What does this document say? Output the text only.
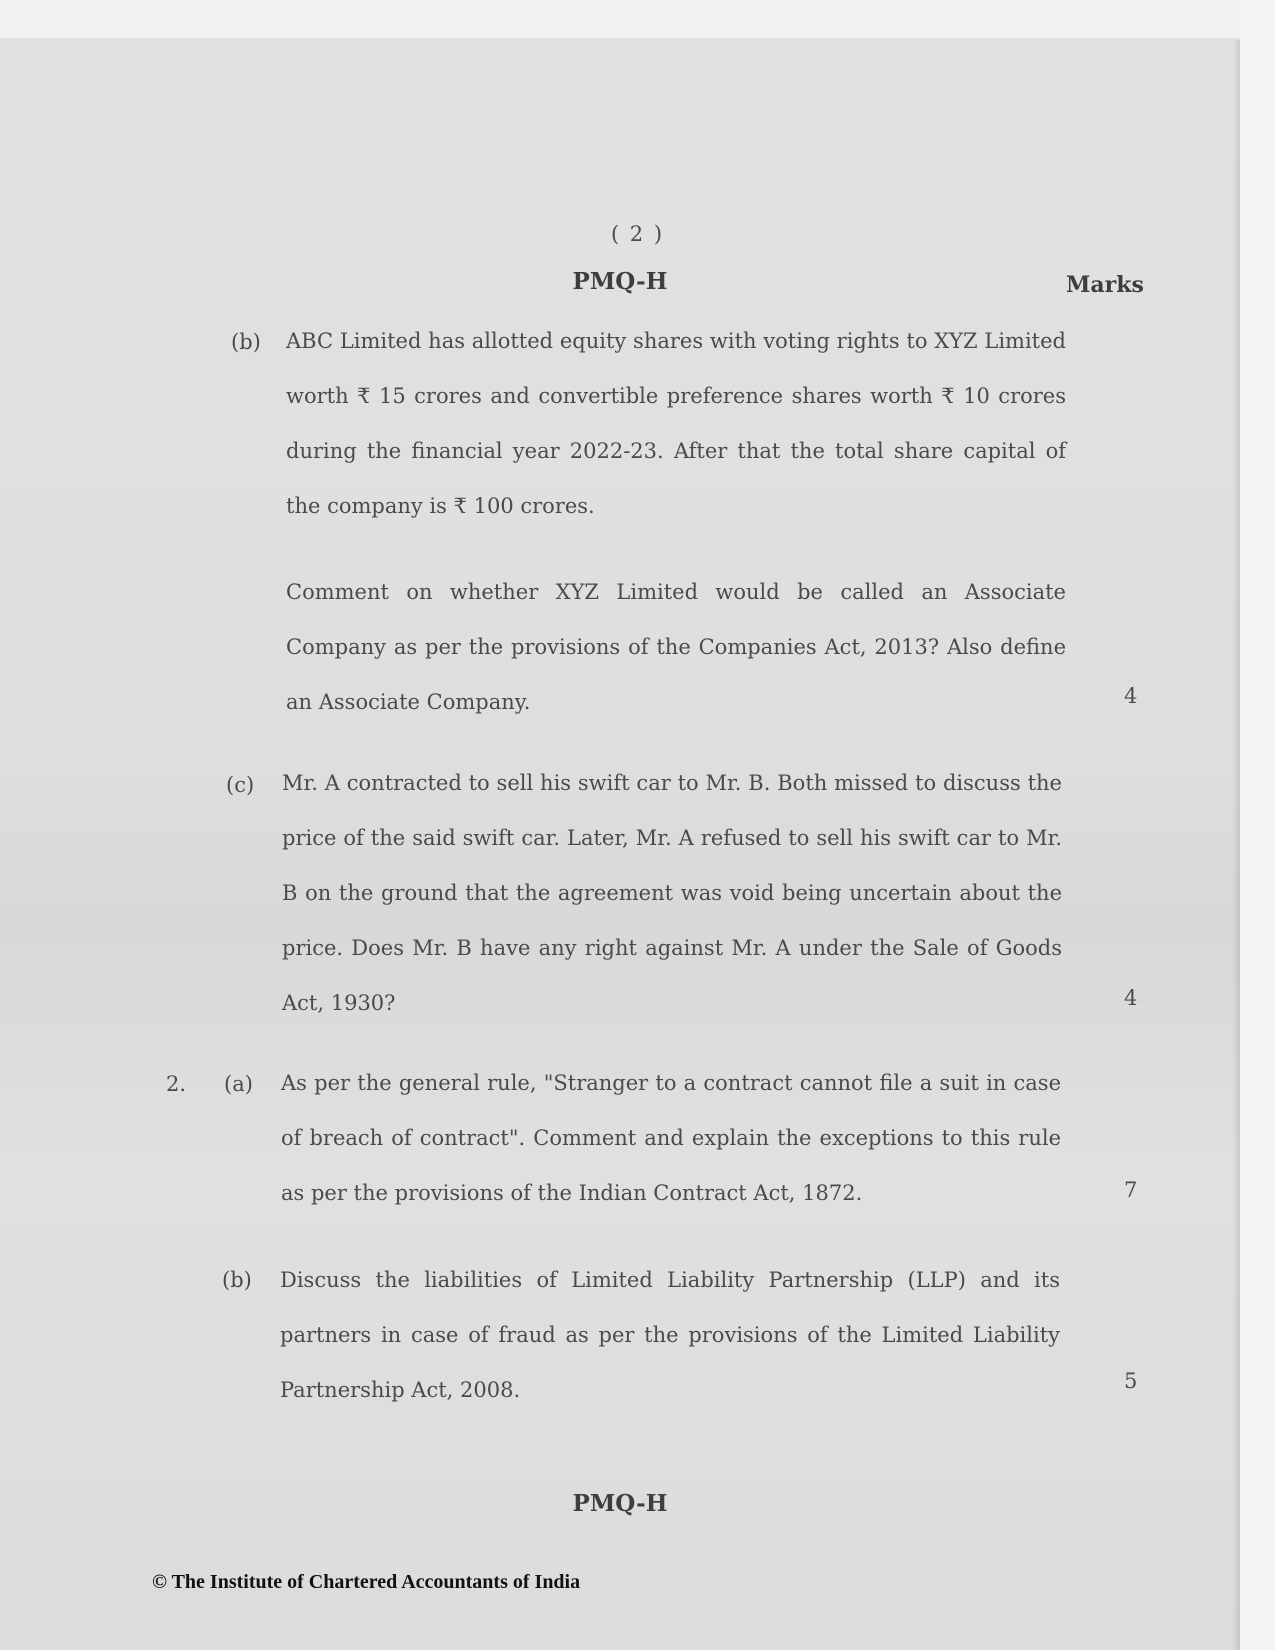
( 2 )
PMQ-H	Marks
(b) ABC Limited has allotted equity shares with voting rights to XYZ Limited worth ₹ 15 crores and convertible preference shares worth ₹ 10 crores during the financial year 2022-23. After that the total share capital of the company is ₹ 100 crores.
Comment on whether XYZ Limited would be called an Associate Company as per the provisions of the Companies Act, 2013? Also define an Associate Company.	4
(c) Mr. A contracted to sell his swift car to Mr. B. Both missed to discuss the price of the said swift car. Later, Mr. A refused to sell his swift car to Mr. B on the ground that the agreement was void being uncertain about the price. Does Mr. B have any right against Mr. A under the Sale of Goods Act, 1930?	4
2. (a) As per the general rule, "Stranger to a contract cannot file a suit in case of breach of contract". Comment and explain the exceptions to this rule as per the provisions of the Indian Contract Act, 1872.	7
(b) Discuss the liabilities of Limited Liability Partnership (LLP) and its partners in case of fraud as per the provisions of the Limited Liability Partnership Act, 2008.	5
PMQ-H
© The Institute of Chartered Accountants of India
